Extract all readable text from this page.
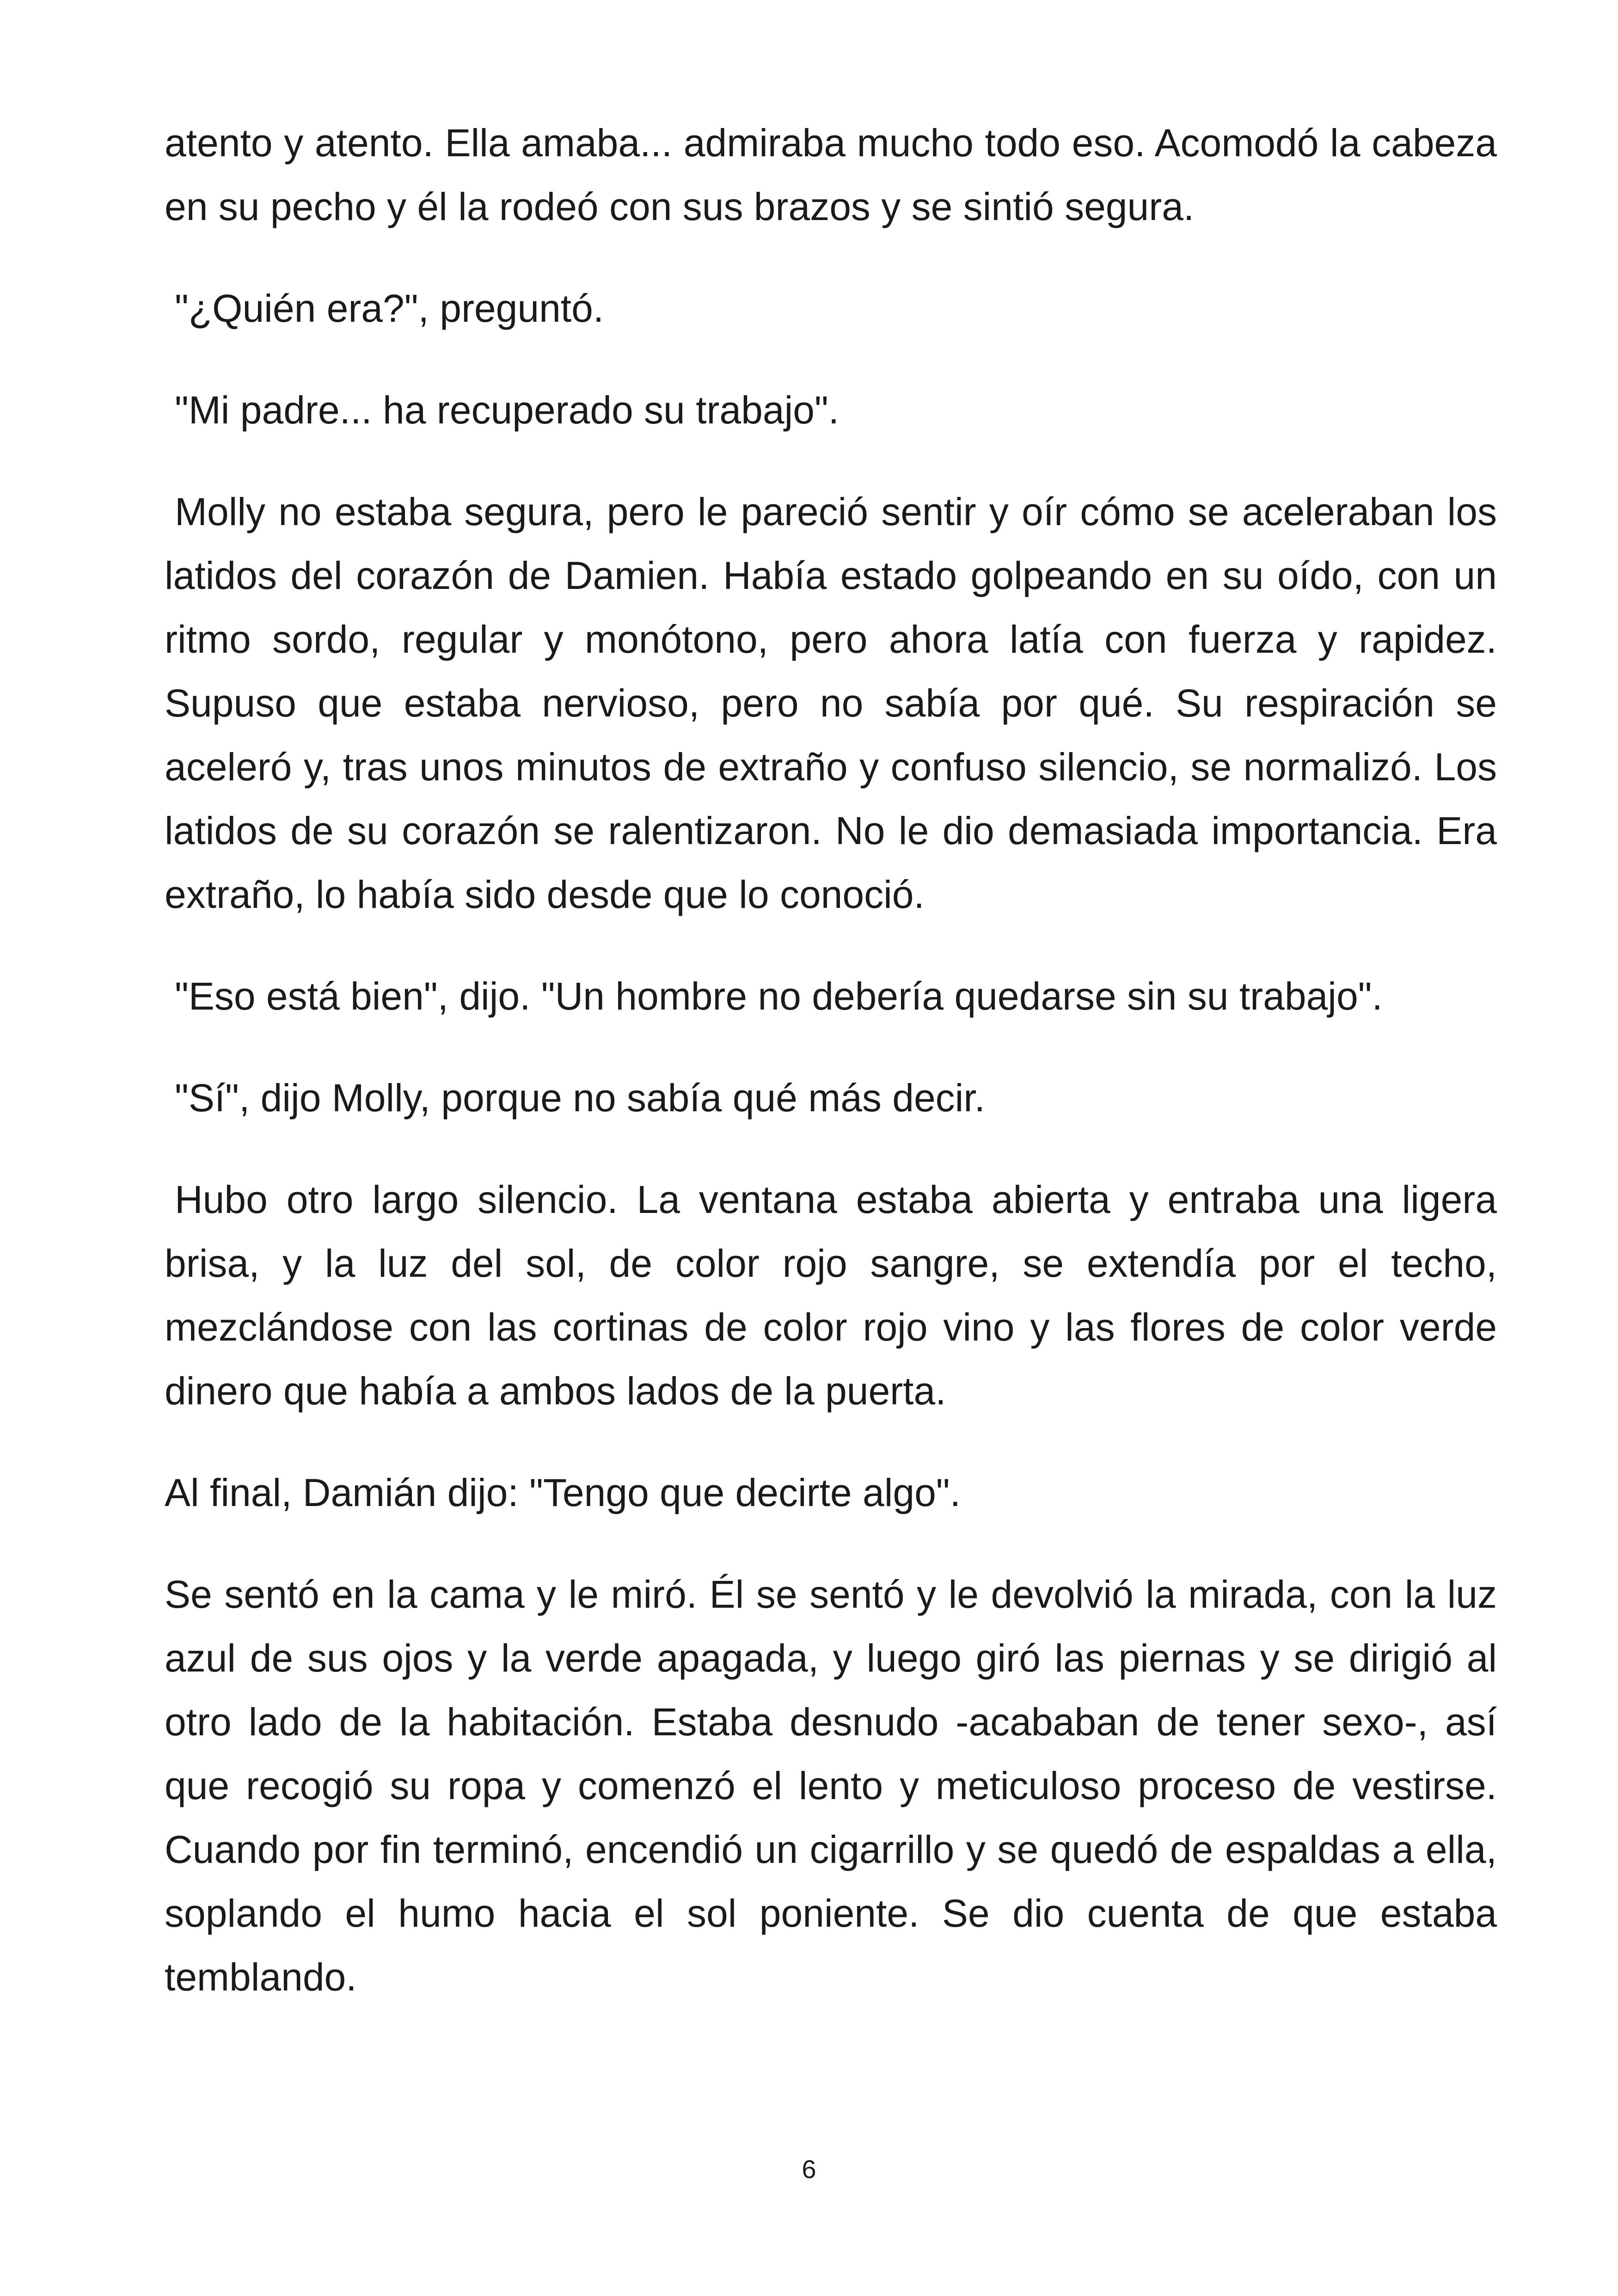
atento y atento. Ella amaba... admiraba mucho todo eso. Acomodó la cabeza en su pecho y él la rodeó con sus brazos y se sintió segura.

"¿Quién era?", preguntó.

"Mi padre... ha recuperado su trabajo".

Molly no estaba segura, pero le pareció sentir y oír cómo se aceleraban los latidos del corazón de Damien. Había estado golpeando en su oído, con un ritmo sordo, regular y monótono, pero ahora latía con fuerza y rapidez. Supuso que estaba nervioso, pero no sabía por qué. Su respiración se aceleró y, tras unos minutos de extraño y confuso silencio, se normalizó. Los latidos de su corazón se ralentizaron. No le dio demasiada importancia. Era extraño, lo había sido desde que lo conoció.

"Eso está bien", dijo. "Un hombre no debería quedarse sin su trabajo".

"Sí", dijo Molly, porque no sabía qué más decir.

Hubo otro largo silencio. La ventana estaba abierta y entraba una ligera brisa, y la luz del sol, de color rojo sangre, se extendía por el techo, mezclándose con las cortinas de color rojo vino y las flores de color verde dinero que había a ambos lados de la puerta.

Al final, Damián dijo: "Tengo que decirte algo".

Se sentó en la cama y le miró. Él se sentó y le devolvió la mirada, con la luz azul de sus ojos y la verde apagada, y luego giró las piernas y se dirigió al otro lado de la habitación. Estaba desnudo -acababan de tener sexo-, así que recogió su ropa y comenzó el lento y meticuloso proceso de vestirse. Cuando por fin terminó, encendió un cigarrillo y se quedó de espaldas a ella, soplando el humo hacia el sol poniente. Se dio cuenta de que estaba temblando.

6
